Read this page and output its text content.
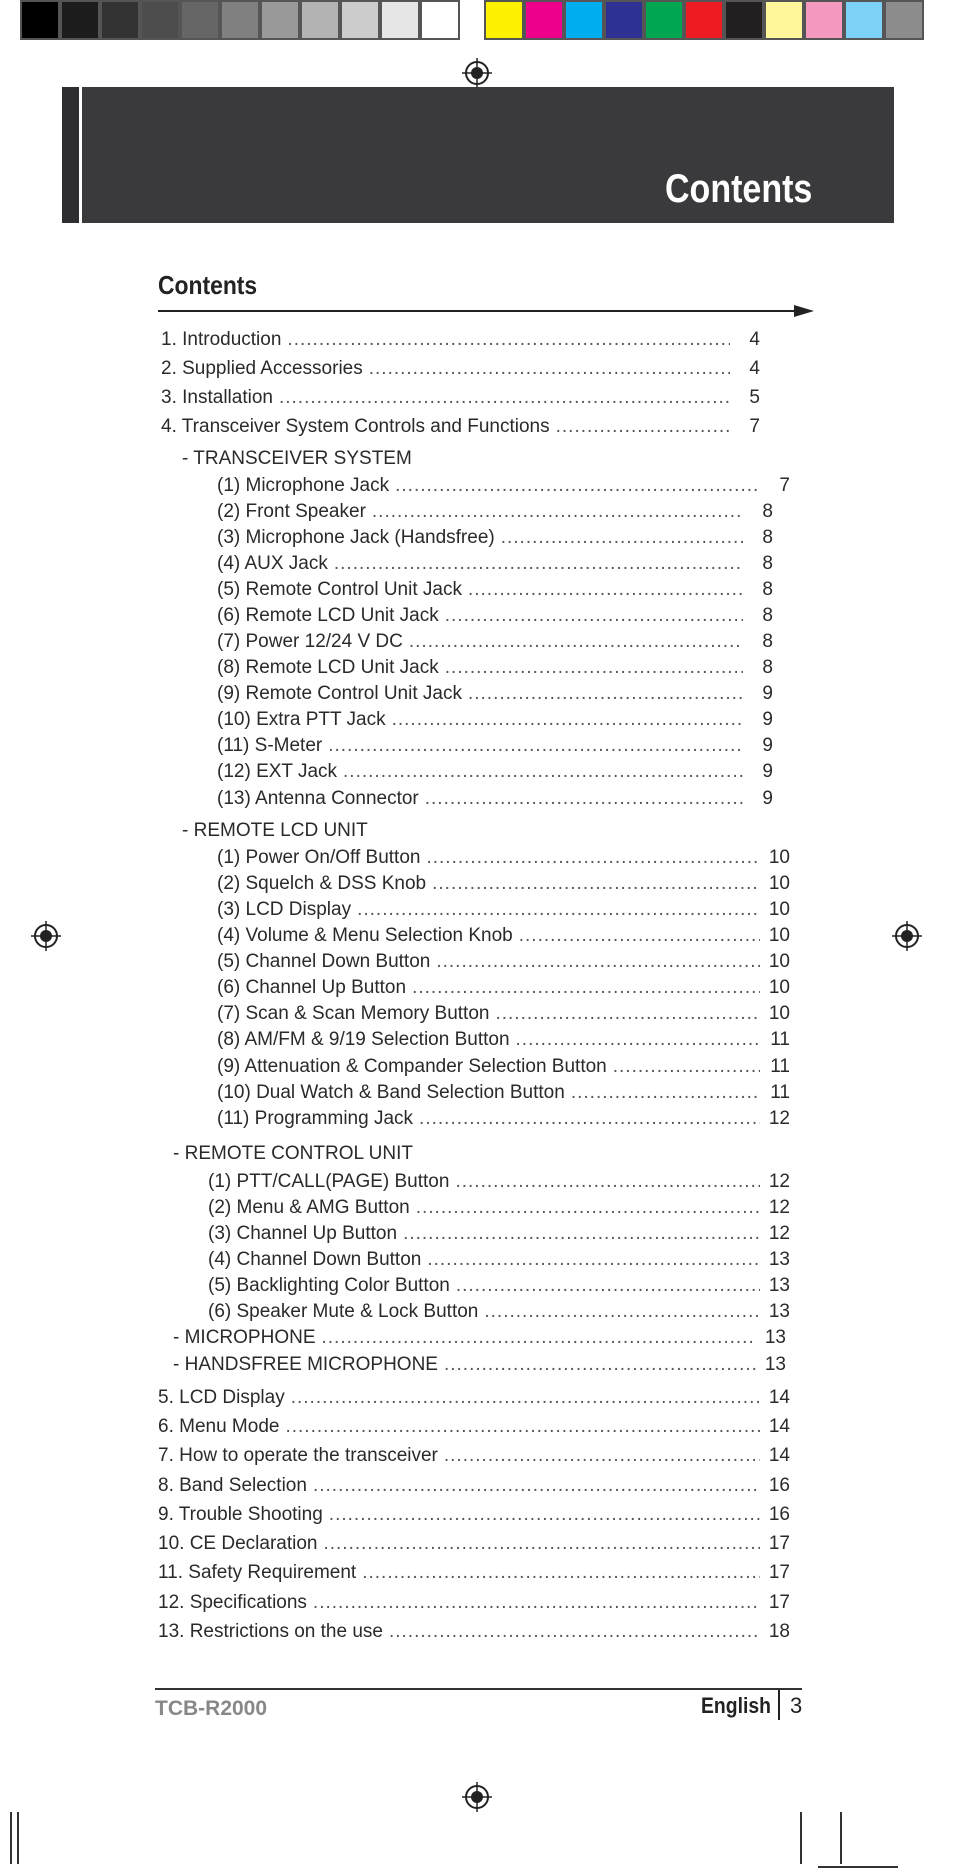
Contents
Contents
1. Introduction .....	4
2. Supplied Accessories .....	4
3. Installation .....	5
4. Transceiver System Controls and Functions .....	7
- TRANSCEIVER SYSTEM
(1) Microphone Jack .....	7
(2) Front Speaker .....	8
(3) Microphone Jack (Handsfree) .....	8
(4) AUX Jack .....	8
(5) Remote Control Unit Jack .....	8
(6) Remote LCD Unit Jack .....	8
(7) Power 12/24 V DC .....	8
(8) Remote LCD Unit Jack .....	8
(9) Remote Control Unit Jack .....	9
(10) Extra PTT Jack .....	9
(11) S-Meter .....	9
(12) EXT Jack .....	9
(13) Antenna Connector .....	9
- REMOTE LCD UNIT
(1) Power On/Off Button .....	10
(2) Squelch & DSS Knob .....	10
(3) LCD Display .....	10
(4) Volume & Menu Selection Knob .....	10
(5) Channel Down Button .....	10
(6) Channel Up Button .....	10
(7) Scan & Scan Memory Button .....	10
(8) AM/FM & 9/19 Selection Button .....	11
(9) Attenuation & Compander Selection Button .....	11
(10) Dual Watch & Band Selection Button .....	11
(11) Programming Jack .....	12
- REMOTE CONTROL UNIT
(1) PTT/CALL(PAGE) Button .....	12
(2) Menu & AMG Button .....	12
(3) Channel Up Button .....	12
(4) Channel Down Button .....	13
(5) Backlighting Color Button .....	13
(6) Speaker Mute & Lock Button .....	13
- MICROPHONE .....	13
- HANDSFREE MICROPHONE .....	13
5. LCD Display .....	14
6. Menu Mode .....	14
7. How to operate the transceiver .....	14
8. Band Selection .....	16
9. Trouble Shooting .....	16
10. CE Declaration .....	17
11. Safety Requirement .....	17
12. Specifications .....	17
13. Restrictions on the use .....	18
TCB-R2000	English 3
